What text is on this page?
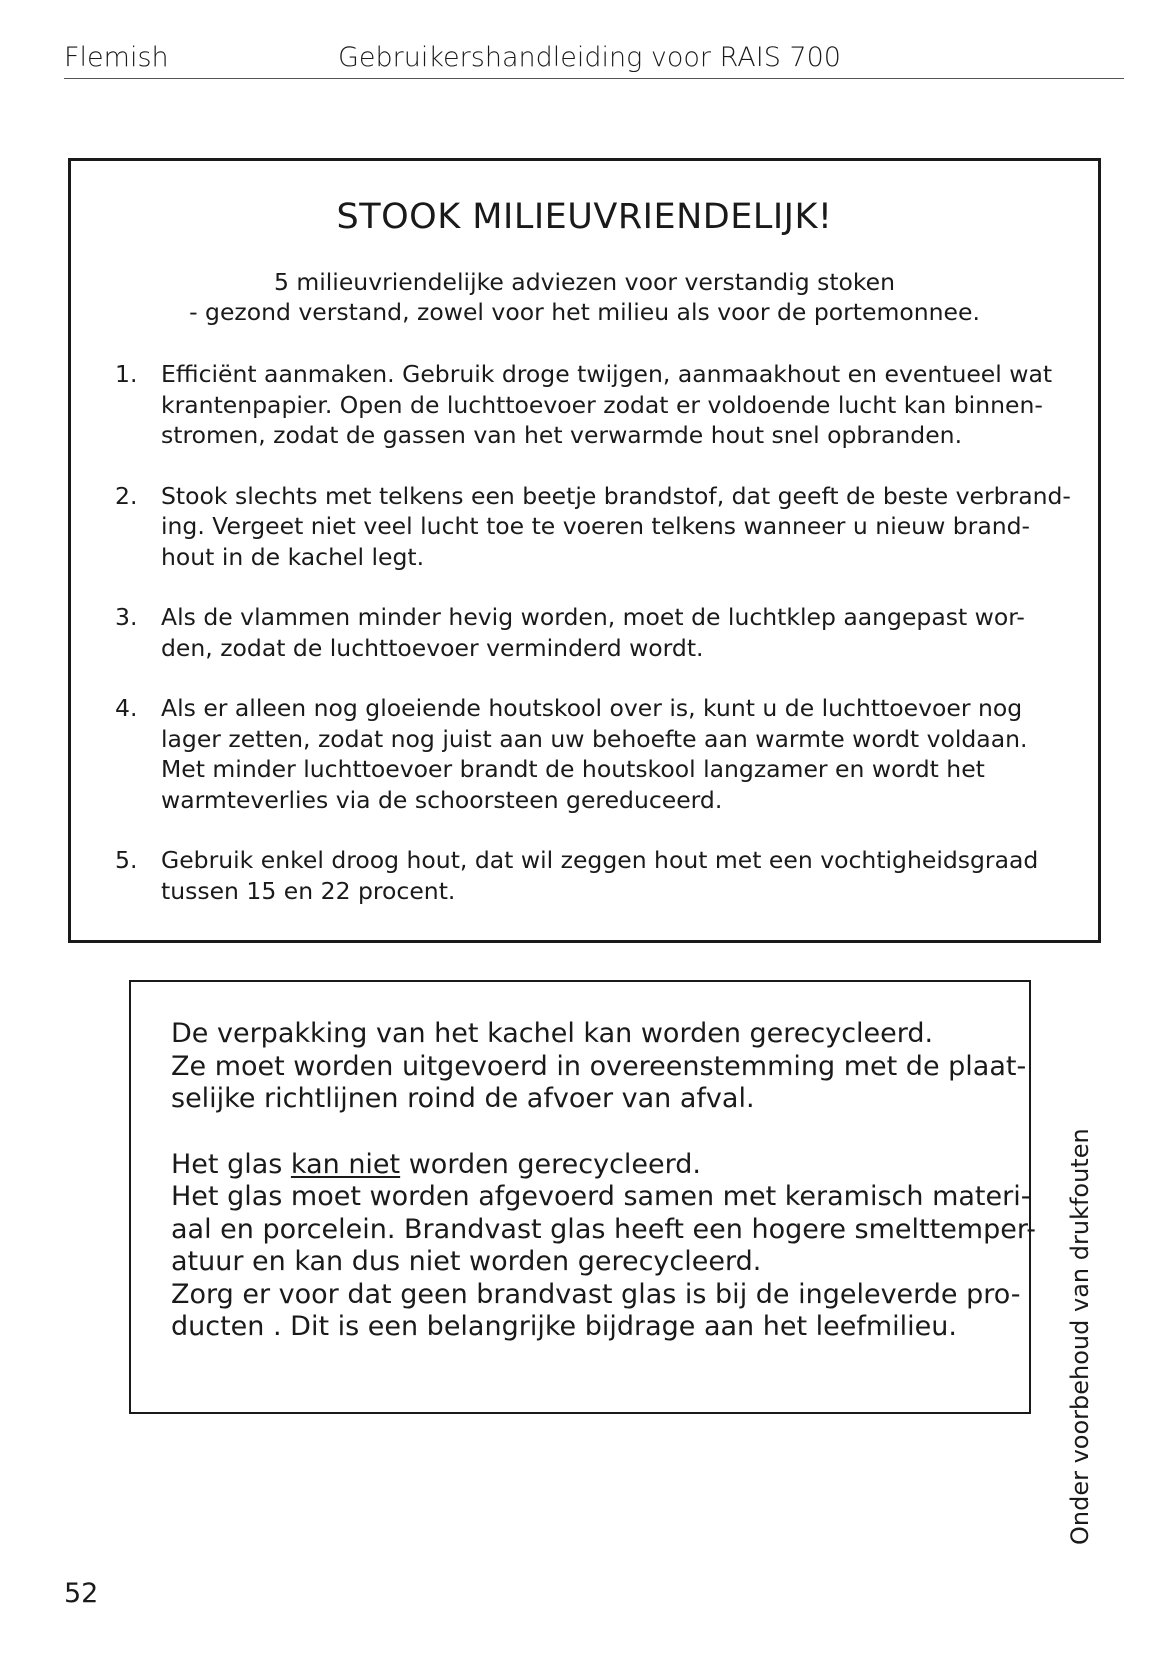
Flemish	Gebruikershandleiding voor RAIS 700
STOOK MILIEUVRIENDELIJK!
5 milieuvriendelijke adviezen voor verstandig stoken
- gezond verstand, zowel voor het milieu als voor de portemonnee.
1. Efficiënt aanmaken. Gebruik droge twijgen, aanmaakhout en eventueel wat
krantenpapier. Open de luchttoevoer zodat er voldoende lucht kan binnen-
stromen, zodat de gassen van het verwarmde hout snel opbranden.
2. Stook slechts met telkens een beetje brandstof, dat geeft de beste verbrand-
ing. Vergeet niet veel lucht toe te voeren telkens wanneer u nieuw brand-
hout in de kachel legt.
3. Als de vlammen minder hevig worden, moet de luchtklep aangepast wor-
den, zodat de luchttoevoer verminderd wordt.
4. Als er alleen nog gloeiende houtskool over is, kunt u de luchttoevoer nog
lager zetten, zodat nog juist aan uw behoefte aan warmte wordt voldaan.
Met minder luchttoevoer brandt de houtskool langzamer en wordt het
warmteverlies via de schoorsteen gereduceerd.
5. Gebruik enkel droog hout, dat wil zeggen hout met een vochtigheidsgraad
tussen 15 en 22 procent.
De verpakking van het kachel kan worden gerecycleerd.
Ze moet worden uitgevoerd in overeenstemming met de plaat-
selijke richtlijnen roind de afvoer van afval.
Het glas kan niet worden gerecycleerd.
Het glas moet worden afgevoerd samen met keramisch materi-
aal en porcelein. Brandvast glas heeft een hogere smelttemper-
atuur en kan dus niet worden gerecycleerd.
Zorg er voor dat geen brandvast glas is bij de ingeleverde pro-
ducten . Dit is een belangrijke bijdrage aan het leefmilieu.	Onder voorbehoud van drukfouten
52
